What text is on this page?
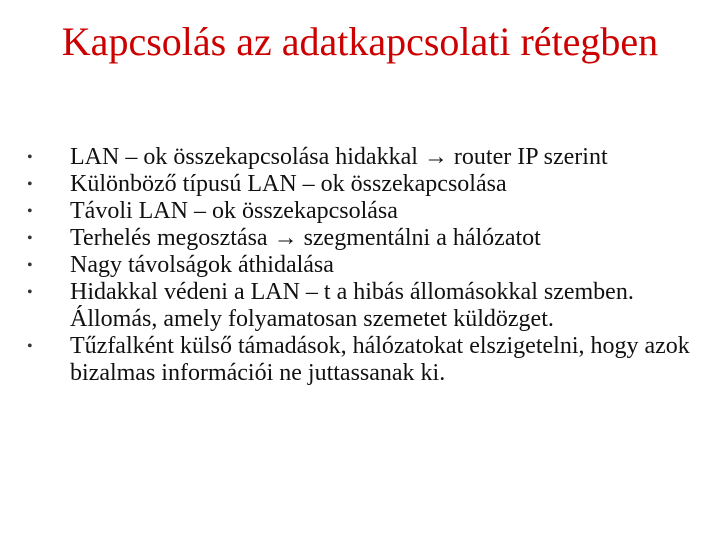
Kapcsolás az adatkapcsolati rétegben
•	LAN – ok összekapcsolása hidakkal → router IP szerint
•	Különböző típusú LAN – ok összekapcsolása
•	Távoli LAN – ok összekapcsolása
•	Terhelés megosztása → szegmentálni a hálózatot
•	Nagy távolságok áthidalása
•	Hidakkal védeni a LAN – t a hibás állomásokkal szemben. Állomás, amely folyamatosan szemetet küldözget.
•	Tűzfalként külső támadások, hálózatokat elszigetelni, hogy azok bizalmas információi ne juttassanak ki.
